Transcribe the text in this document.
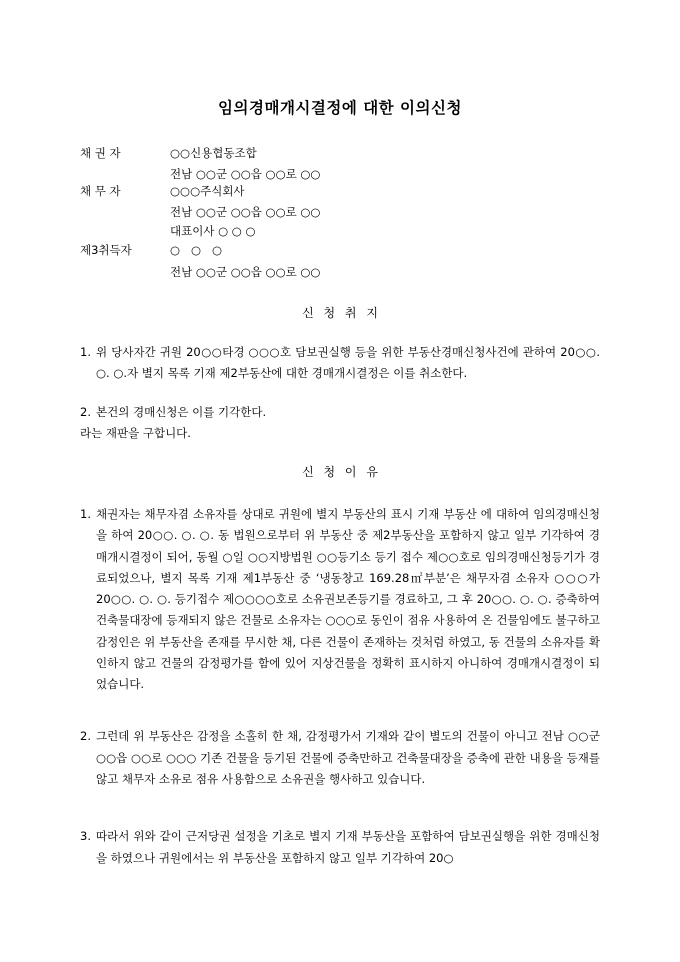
임의경매개시결정에 대한 이의신청
채 권 자	○○신용협동조합
전남 ○○군 ○○읍 ○○로 ○○
채 무 자	○○○주식회사
전남 ○○군 ○○읍 ○○로 ○○
대표이사 ○ ○ ○
제3취득자	○   ○   ○
전남 ○○군 ○○읍 ○○로 ○○
신 청 취 지
1. 위 당사자간 귀원 20○○타경 ○○○호 담보권실행 등을 위한 부동산경매신청사건에 관하여 20○○. ○. ○.자 별지 목록 기재 제2부동산에 대한 경매개시결정은 이를 취소한다.
2. 본건의 경매신청은 이를 기각한다.
라는 재판을 구합니다.
신 청 이 유
1. 채권자는 채무자겸 소유자를 상대로 귀원에 별지 부동산의 표시 기재 부동산 에 대하여 임의경매신청을 하여 20○○. ○. ○. 동 법원으로부터 위 부동산 중 제2부동산을 포함하지 않고 일부 기각하여 경매개시결정이 되어, 동월 ○일 ○○지방법원 ○○등기소 등기 접수 제○○호로 임의경매신청등기가 경료되었으나, 별지 목록 기재 제1부동산 중 ‘냉동창고 169.28㎡부분’은 채무자겸 소유자 ○○○가 20○○. ○. ○. 등기접수 제○○○○호로 소유권보존등기를 경료하고, 그 후 20○○. ○. ○. 증축하여 건축물대장에 등재되지 않은 건물로 소유자는 ○○○로 동인이 점유 사용하여 온 건물임에도 불구하고 감정인은 위 부동산을 존재를 무시한 채, 다른 건물이 존재하는 것처럼 하였고, 동 건물의 소유자를 확인하지 않고 건물의 감정평가를 함에 있어 지상건물을 정확히 표시하지 아니하여 경매개시결정이 되었습니다.
2. 그런데 위 부동산은 감정을 소홀히 한 채, 감정평가서 기재와 같이 별도의 건물이 아니고 전남 ○○군 ○○읍 ○○로 ○○○ 기존 건물을 등기된 건물에 증축만하고 건축물대장을 증축에 관한 내용을 등재를 않고 채무자 소유로 점유 사용함으로 소유권을 행사하고 있습니다.
3. 따라서 위와 같이 근저당권 설정을 기초로 별지 기재 부동산을 포함하여 담보권실행을 위한 경매신청을 하였으나 귀원에서는 위 부동산을 포함하지 않고 일부 기각하여 20○
